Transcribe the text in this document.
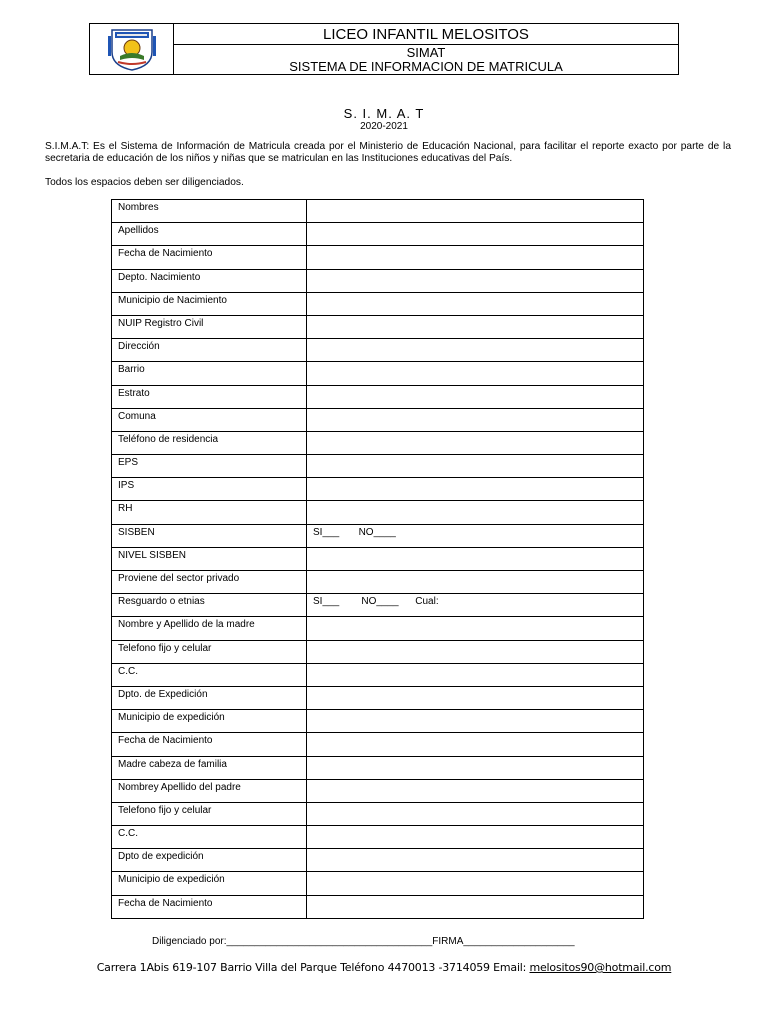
LICEO INFANTIL MELOSITOS
SIMAT
SISTEMA DE INFORMACION DE MATRICULA
S. I. M. A. T
2020-2021
S.I.M.A.T: Es el Sistema de Información de Matricula creada por el Ministerio de Educación Nacional, para facilitar el reporte exacto por parte de la secretaria de educación de los niños y niñas que se matriculan en las Instituciones educativas del País.
Todos los espacios deben ser diligenciados.
Nombres	
Apellidos	
Fecha de Nacimiento	
Depto. Nacimiento	
Municipio de Nacimiento	
NUIP Registro Civil	
Dirección	
Barrio	
Estrato	
Comuna	
Teléfono de residencia	
EPS	
IPS	
RH	
SISBEN	SI___       NO____
NIVEL SISBEN	
Proviene del sector privado	
Resguardo o etnias	SI___        NO____      Cual:
Nombre y Apellido de la madre	
Telefono fijo y celular	
C.C.	
Dpto. de Expedición	
Municipio de expedición	
Fecha de Nacimiento	
Madre cabeza de familia	
Nombrey Apellido del padre	
Telefono fijo y celular	
C.C.	
Dpto de expedición	
Municipio de expedición	
Fecha de Nacimiento	
Diligenciado por:_____________________________________FIRMA____________________
Carrera 1Abis 619-107 Barrio Villa del Parque Teléfono 4470013 -3714059 Email: melositos90@hotmail.com
